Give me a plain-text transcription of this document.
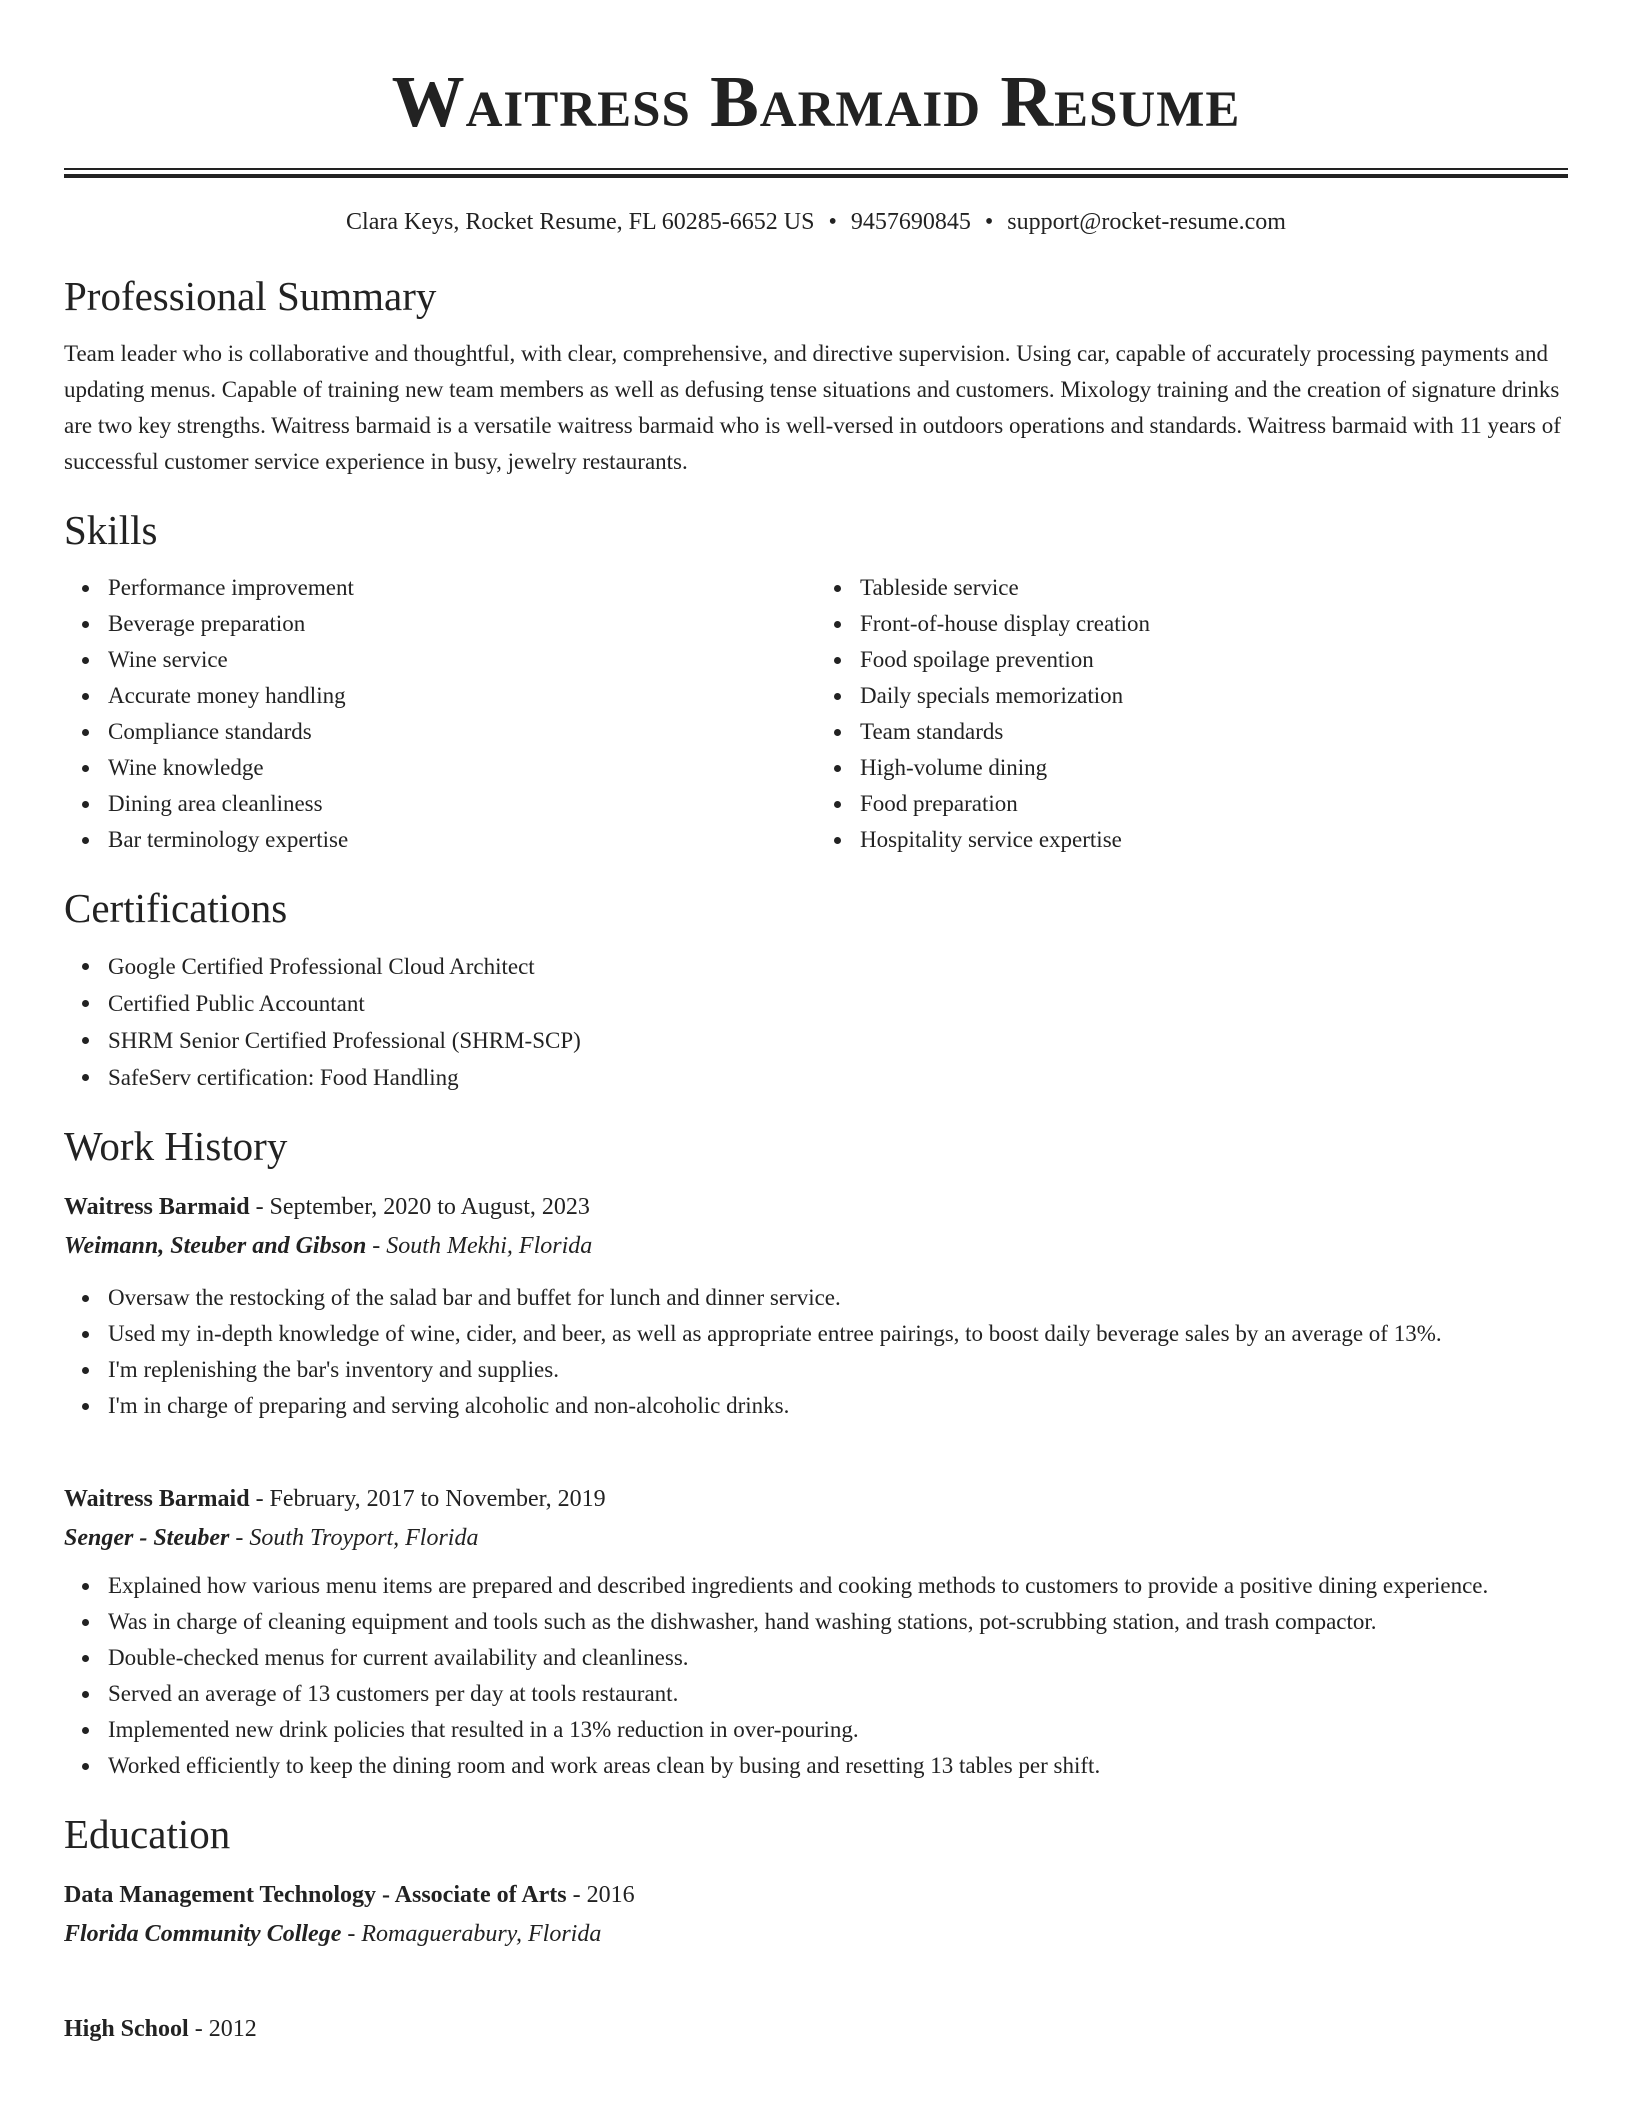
Waitress Barmaid Resume
Clara Keys, Rocket Resume, FL 60285-6652 US • 9457690845 • support@rocket-resume.com
Professional Summary

Team leader who is collaborative and thoughtful, with clear, comprehensive, and directive supervision. Using car, capable of accurately processing payments and updating menus. Capable of training new team members as well as defusing tense situations and customers. Mixology training and the creation of signature drinks are two key strengths. Waitress barmaid is a versatile waitress barmaid who is well-versed in outdoors operations and standards. Waitress barmaid with 11 years of successful customer service experience in busy, jewelry restaurants.

Skills
Performance improvement
Beverage preparation
Wine service
Accurate money handling
Compliance standards
Wine knowledge
Dining area cleanliness
Bar terminology expertise
Tableside service
Front-of-house display creation
Food spoilage prevention
Daily specials memorization
Team standards
High-volume dining
Food preparation
Hospitality service expertise
Certifications
Google Certified Professional Cloud Architect
Certified Public Accountant
SHRM Senior Certified Professional (SHRM-SCP)
SafeServ certification: Food Handling
Work History
Waitress Barmaid - September, 2020 to August, 2023
Weimann, Steuber and Gibson - South Mekhi, Florida
Oversaw the restocking of the salad bar and buffet for lunch and dinner service.
Used my in-depth knowledge of wine, cider, and beer, as well as appropriate entree pairings, to boost daily beverage sales by an average of 13%.
I'm replenishing the bar's inventory and supplies.
I'm in charge of preparing and serving alcoholic and non-alcoholic drinks.
Waitress Barmaid - February, 2017 to November, 2019
Senger - Steuber - South Troyport, Florida
Explained how various menu items are prepared and described ingredients and cooking methods to customers to provide a positive dining experience.
Was in charge of cleaning equipment and tools such as the dishwasher, hand washing stations, pot-scrubbing station, and trash compactor.
Double-checked menus for current availability and cleanliness.
Served an average of 13 customers per day at tools restaurant.
Implemented new drink policies that resulted in a 13% reduction in over-pouring.
Worked efficiently to keep the dining room and work areas clean by busing and resetting 13 tables per shift.
Education
Data Management Technology - Associate of Arts - 2016
Florida Community College - Romaguerabury, Florida
High School - 2012
